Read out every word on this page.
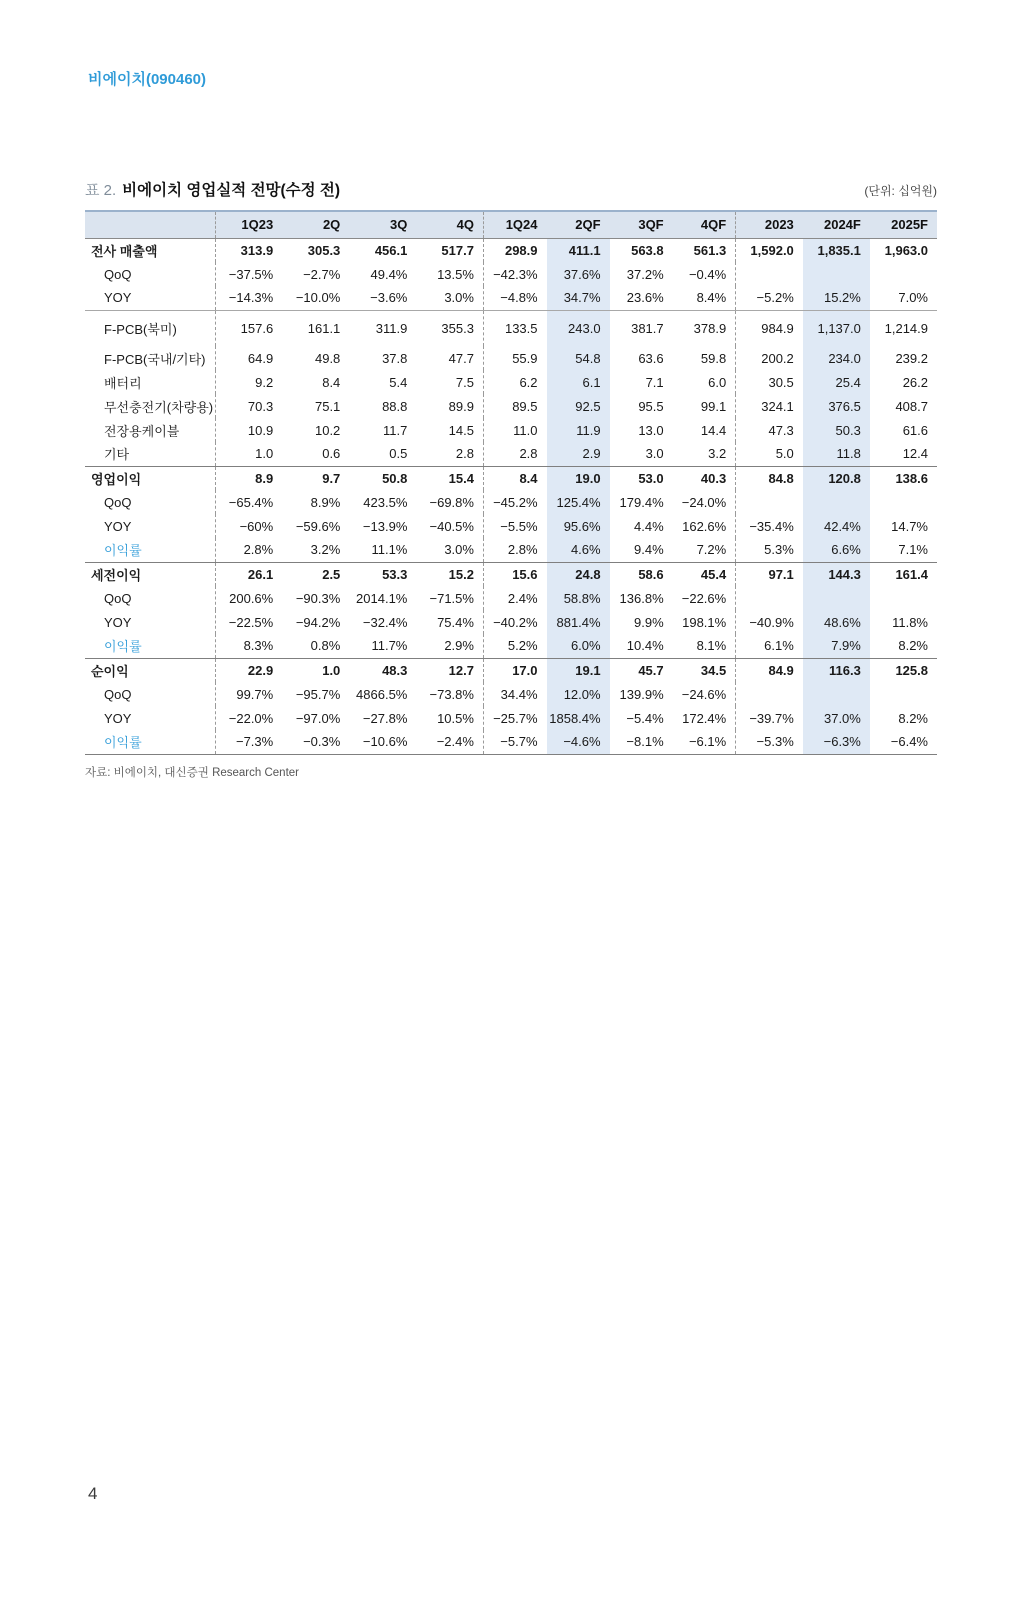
비에이치(090460)
표 2. 비에이치 영업실적 전망(수정 전)	(단위: 십억원)
	1Q23	2Q	3Q	4Q	1Q24	2QF	3QF	4QF	2023	2024F	2025F
전사 매출액	313.9	305.3	456.1	517.7	298.9	411.1	563.8	561.3	1,592.0	1,835.1	1,963.0
QoQ	−37.5%	−2.7%	49.4%	13.5%	−42.3%	37.6%	37.2%	−0.4%			
YOY	−14.3%	−10.0%	−3.6%	3.0%	−4.8%	34.7%	23.6%	8.4%	−5.2%	15.2%	7.0%
F-PCB(북미)	157.6	161.1	311.9	355.3	133.5	243.0	381.7	378.9	984.9	1,137.0	1,214.9
F-PCB(국내/기타)	64.9	49.8	37.8	47.7	55.9	54.8	63.6	59.8	200.2	234.0	239.2
배터리	9.2	8.4	5.4	7.5	6.2	6.1	7.1	6.0	30.5	25.4	26.2
무선충전기(차량용)	70.3	75.1	88.8	89.9	89.5	92.5	95.5	99.1	324.1	376.5	408.7
전장용케이블	10.9	10.2	11.7	14.5	11.0	11.9	13.0	14.4	47.3	50.3	61.6
기타	1.0	0.6	0.5	2.8	2.8	2.9	3.0	3.2	5.0	11.8	12.4
영업이익	8.9	9.7	50.8	15.4	8.4	19.0	53.0	40.3	84.8	120.8	138.6
QoQ	−65.4%	8.9%	423.5%	−69.8%	−45.2%	125.4%	179.4%	−24.0%			
YOY	−60%	−59.6%	−13.9%	−40.5%	−5.5%	95.6%	4.4%	162.6%	−35.4%	42.4%	14.7%
이익률	2.8%	3.2%	11.1%	3.0%	2.8%	4.6%	9.4%	7.2%	5.3%	6.6%	7.1%
세전이익	26.1	2.5	53.3	15.2	15.6	24.8	58.6	45.4	97.1	144.3	161.4
QoQ	200.6%	−90.3%	2014.1%	−71.5%	2.4%	58.8%	136.8%	−22.6%			
YOY	−22.5%	−94.2%	−32.4%	75.4%	−40.2%	881.4%	9.9%	198.1%	−40.9%	48.6%	11.8%
이익률	8.3%	0.8%	11.7%	2.9%	5.2%	6.0%	10.4%	8.1%	6.1%	7.9%	8.2%
순이익	22.9	1.0	48.3	12.7	17.0	19.1	45.7	34.5	84.9	116.3	125.8
QoQ	99.7%	−95.7%	4866.5%	−73.8%	34.4%	12.0%	139.9%	−24.6%			
YOY	−22.0%	−97.0%	−27.8%	10.5%	−25.7%	1858.4%	−5.4%	172.4%	−39.7%	37.0%	8.2%
이익률	−7.3%	−0.3%	−10.6%	−2.4%	−5.7%	−4.6%	−8.1%	−6.1%	−5.3%	−6.3%	−6.4%
자료: 비에이치, 대신증권 Research Center
4
